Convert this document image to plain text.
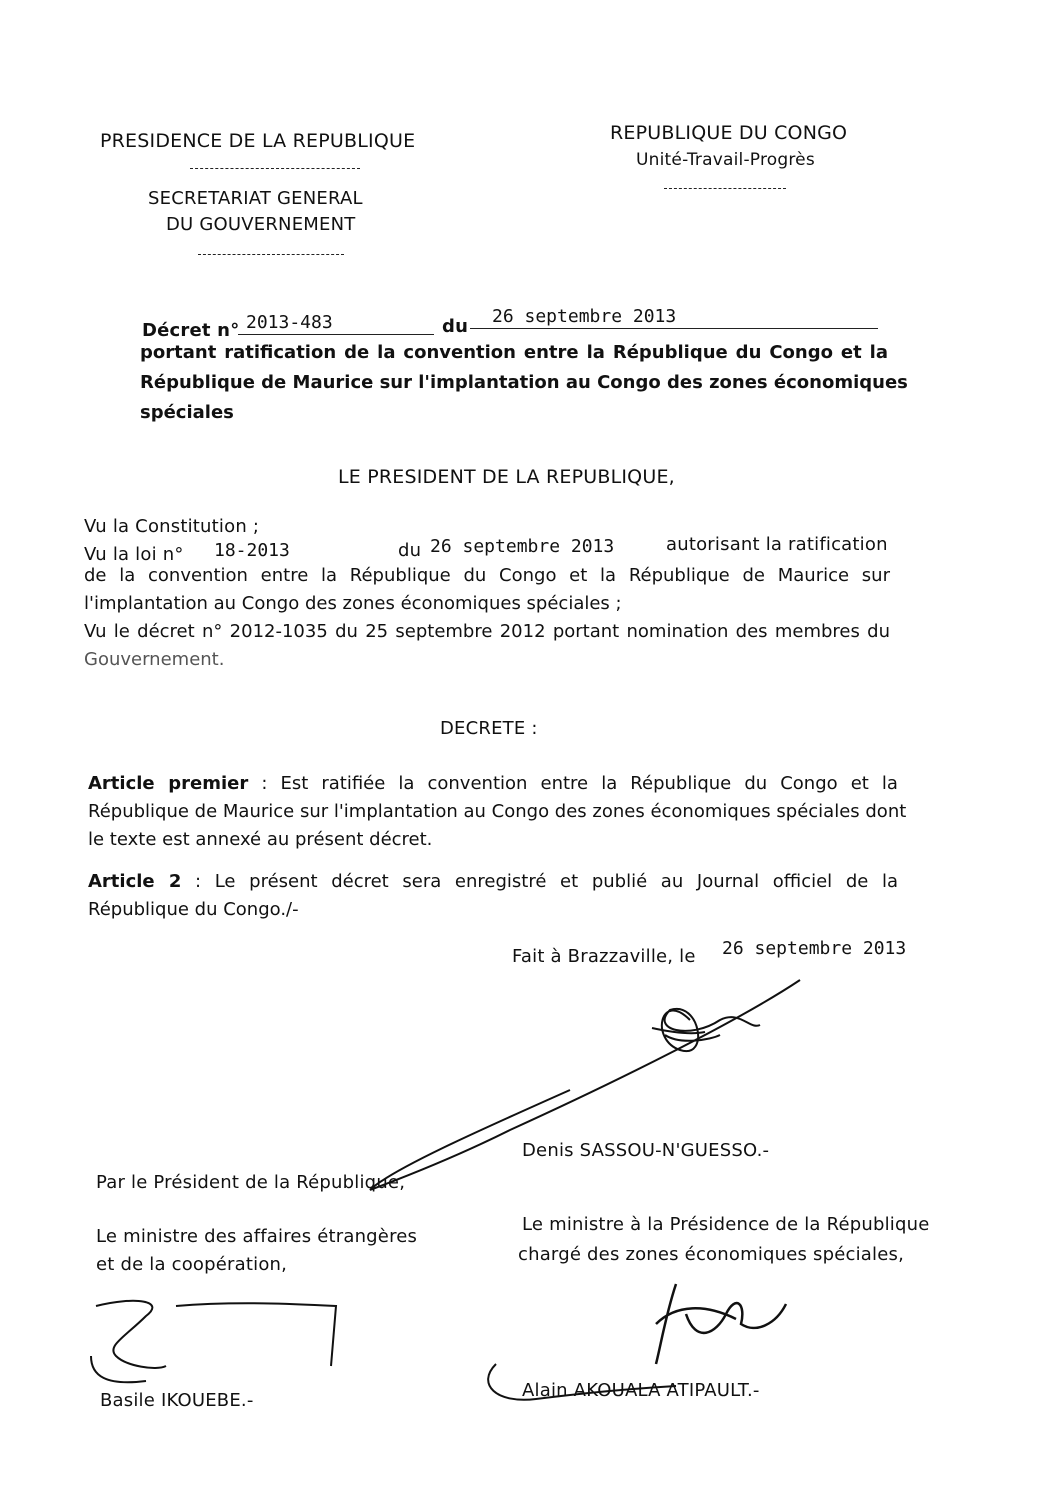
PRESIDENCE DE LA REPUBLIQUE
SECRETARIAT GENERAL
DU GOUVERNEMENT
REPUBLIQUE DU CONGO
Unité-Travail-Progrès
Décret n° 2013-483	du 26 septembre 2013
portant ratification de la convention entre la République du Congo et la
République de Maurice sur l'implantation au Congo des zones économiques
spéciales
LE PRESIDENT DE LA REPUBLIQUE,
Vu la Constitution ;
Vu la loi n° 18-2013	du 26 septembre 2013	autorisant la ratification
de la convention entre la République du Congo et la République de Maurice sur
l'implantation au Congo des zones économiques spéciales ;
Vu le décret n° 2012-1035 du 25 septembre 2012 portant nomination des membres du
Gouvernement.
DECRETE :
Article premier : Est ratifiée la convention entre la République du Congo et la
République de Maurice sur l'implantation au Congo des zones économiques spéciales dont
le texte est annexé au présent décret.
Article 2 : Le présent décret sera enregistré et publié au Journal officiel de la
République du Congo./-
Fait à Brazzaville, le 26 septembre 2013
Denis SASSOU-N'GUESSO.-
Par le Président de la République,
Le ministre des affaires étrangères
et de la coopération,
Basile IKOUEBE.-
Le ministre à la Présidence de la République
chargé des zones économiques spéciales,
Alain AKOUALA ATIPAULT.-
